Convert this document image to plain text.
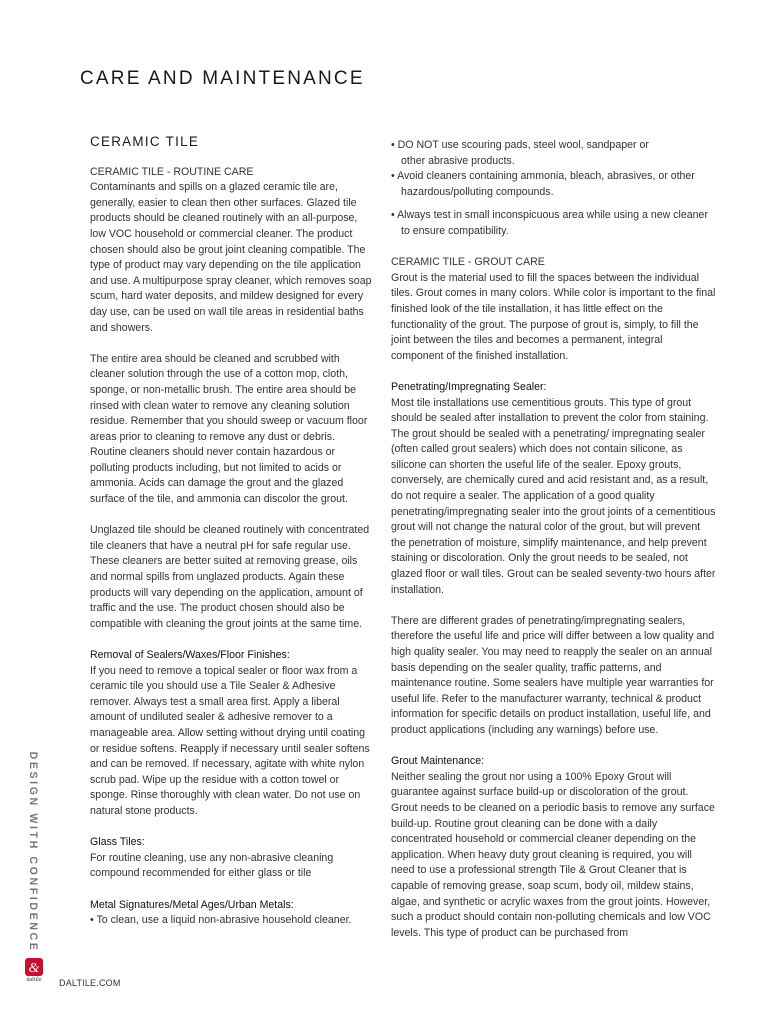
CARE AND MAINTENANCE
CERAMIC TILE

CERAMIC TILE - ROUTINE CARE

Contaminants and spills on a glazed ceramic tile are, generally, easier to clean then other surfaces. Glazed tile products should be cleaned routinely with an all-purpose, low VOC household or commercial cleaner. The product chosen should also be grout joint cleaning compatible. The type of product may vary depending on the tile application and use. A multipurpose spray cleaner, which removes soap scum, hard water deposits, and mildew designed for every day use, can be used on wall tile areas in residential baths and showers.

The entire area should be cleaned and scrubbed with cleaner solution through the use of a cotton mop, cloth, sponge, or non-metallic brush. The entire area should be rinsed with clean water to remove any cleaning solution residue. Remember that you should sweep or vacuum floor areas prior to cleaning to remove any dust or debris. Routine cleaners should never contain hazardous or polluting products including, but not limited to acids or ammonia. Acids can damage the grout and the glazed surface of the tile, and ammonia can discolor the grout.

Unglazed tile should be cleaned routinely with concentrated tile cleaners that have a neutral pH for safe regular use. These cleaners are better suited at removing grease, oils and normal spills from unglazed products. Again these products will vary depending on the application, amount of traffic and the use. The product chosen should also be compatible with cleaning the grout joints at the same time.

Removal of Sealers/Waxes/Floor Finishes:

If you need to remove a topical sealer or floor wax from a ceramic tile you should use a Tile Sealer & Adhesive remover. Always test a small area first. Apply a liberal amount of undiluted sealer & adhesive remover to a manageable area. Allow setting without drying until coating or residue softens. Reapply if necessary until sealer softens and can be removed. If necessary, agitate with white nylon scrub pad. Wipe up the residue with a cotton towel or sponge. Rinse thoroughly with clean water. Do not use on natural stone products.

Glass Tiles:

For routine cleaning, use any non-abrasive cleaning compound recommended for either glass or tile

Metal Signatures/Metal Ages/Urban Metals:

• To clean, use a liquid non-abrasive household cleaner.

• DO NOT use scouring pads, steel wool, sandpaper or
other abrasive products.
• Avoid cleaners containing ammonia, bleach, abrasives, or other
hazardous/polluting compounds.
• Always test in small inconspicuous area while using a new cleaner
to ensure compatibility.

CERAMIC TILE - GROUT CARE

Grout is the material used to fill the spaces between the individual tiles. Grout comes in many colors. While color is important to the final finished look of the tile installation, it has little effect on the functionality of the grout. The purpose of grout is, simply, to fill the joint between the tiles and becomes a permanent, integral component of the finished installation.

Penetrating/Impregnating Sealer:

Most tile installations use cementitious grouts. This type of grout should be sealed after installation to prevent the color from staining. The grout should be sealed with a penetrating/ impregnating sealer (often called grout sealers) which does not contain silicone, as silicone can shorten the useful life of the sealer. Epoxy grouts, conversely, are chemically cured and acid resistant and, as a result, do not require a sealer. The application of a good quality penetrating/impregnating sealer into the grout joints of a cementitious grout will not change the natural color of the grout, but will prevent the penetration of moisture, simplify maintenance, and help prevent staining or discoloration. Only the grout needs to be sealed, not glazed floor or wall tiles. Grout can be sealed seventy-two hours after installation.

There are different grades of penetrating/impregnating sealers, therefore the useful life and price will differ between a low quality and high quality sealer. You may need to reapply the sealer on an annual basis depending on the sealer quality, traffic patterns, and maintenance routine. Some sealers have multiple year warranties for useful life. Refer to the manufacturer warranty, technical & product information for specific details on product installation, useful life, and product applications (including any warnings) before use.

Grout Maintenance:

Neither sealing the grout nor using a 100% Epoxy Grout will guarantee against surface build-up or discoloration of the grout. Grout needs to be cleaned on a periodic basis to remove any surface build-up. Routine grout cleaning can be done with a daily concentrated household or commercial cleaner depending on the application. When heavy duty grout cleaning is required, you will need to use a professional strength Tile & Grout Cleaner that is capable of removing grease, soap scum, body oil, mildew stains, algae, and synthetic or acrylic waxes from the grout joints. However, such a product should contain non-polluting chemicals and low VOC levels. This type of product can be purchased from

DESIGN WITH CONFIDENCE
&
daltile DALTILE.COM
